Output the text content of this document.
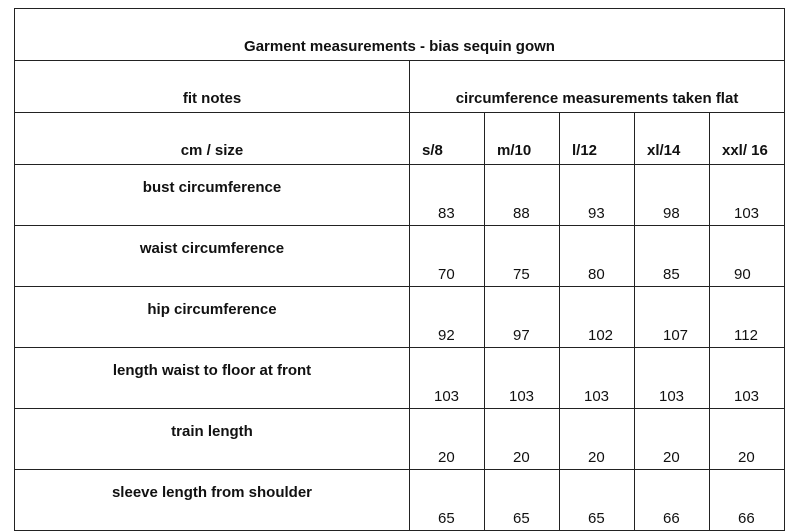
Garment measurements - bias sequin gown					
fit notes	circumference measurements taken flat				
cm / size	s/8	m/10	l/12	xl/14	xxl/ 16
bust circumference	83	88	93	98	103
waist circumference	70	75	80	85	90
hip circumference	92	97	102	107	112
length waist to floor at front	103	103	103	103	103
train length	20	20	20	20	20
sleeve length from shoulder	65	65	65	66	66
